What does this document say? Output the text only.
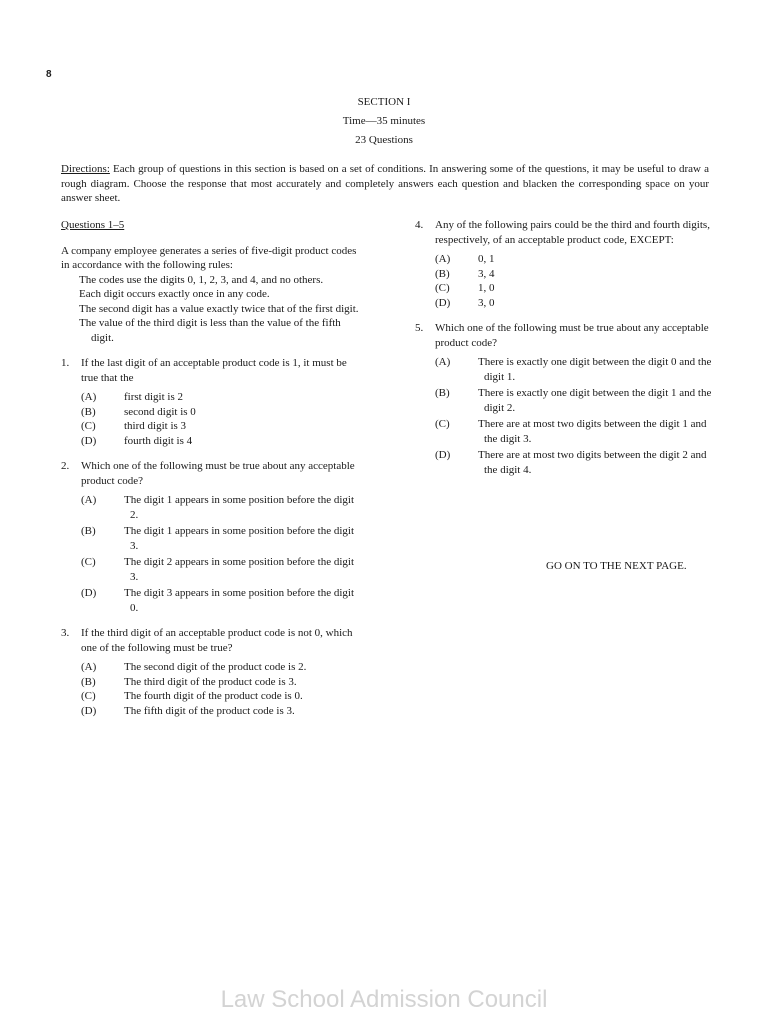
8
SECTION I
Time—35 minutes
23 Questions
Directions: Each group of questions in this section is based on a set of conditions. In answering some of the questions, it may be useful to draw a rough diagram. Choose the response that most accurately and completely answers each question and blacken the corresponding space on your answer sheet.

Questions 1–5

A company employee generates a series of five-digit product codes in accordance with the following rules:

The codes use the digits 0, 1, 2, 3, and 4, and no others.

Each digit occurs exactly once in any code.

The second digit has a value exactly twice that of the first digit.

The value of the third digit is less than the value of the fifth digit.

1.	If the last digit of an acceptable product code is 1, it must be true that the
(A)	first digit is 2
(B)	second digit is 0
(C)	third digit is 3
(D)	fourth digit is 4
2.	Which one of the following must be true about any acceptable product code?
(A)	The digit 1 appears in some position before the digit 2.
(B)	The digit 1 appears in some position before the digit 3.
(C)	The digit 2 appears in some position before the digit 3.
(D)	The digit 3 appears in some position before the digit 0.
3.	If the third digit of an acceptable product code is not 0, which one of the following must be true?
(A)	The second digit of the product code is 2.
(B)	The third digit of the product code is 3.
(C)	The fourth digit of the product code is 0.
(D)	The fifth digit of the product code is 3.
4.	Any of the following pairs could be the third and fourth digits, respectively, of an acceptable product code, EXCEPT:
(A)	0, 1
(B)	3, 4
(C)	1, 0
(D)	3, 0
5.	Which one of the following must be true about any acceptable product code?
(A)	There is exactly one digit between the digit 0 and the digit 1.
(B)	There is exactly one digit between the digit 1 and the digit 2.
(C)	There are at most two digits between the digit 1 and the digit 3.
(D)	There are at most two digits between the digit 2 and the digit 4.
GO ON TO THE NEXT PAGE.
Law School Admission Council
